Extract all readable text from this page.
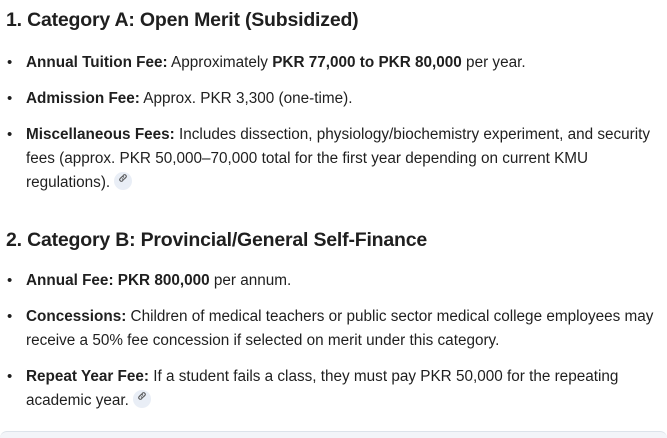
1. Category A: Open Merit (Subsidized)
• Annual Tuition Fee: Approximately PKR 77,000 to PKR 80,000 per year.
• Admission Fee: Approx. PKR 3,300 (one-time).
• Miscellaneous Fees: Includes dissection, physiology/biochemistry experiment, and security fees (approx. PKR 50,000–70,000 total for the first year depending on current KMU regulations).
2. Category B: Provincial/General Self-Finance
• Annual Fee: PKR 800,000 per annum.
• Concessions: Children of medical teachers or public sector medical college employees may receive a 50% fee concession if selected on merit under this category.
• Repeat Year Fee: If a student fails a class, they must pay PKR 50,000 for the repeating academic year.
